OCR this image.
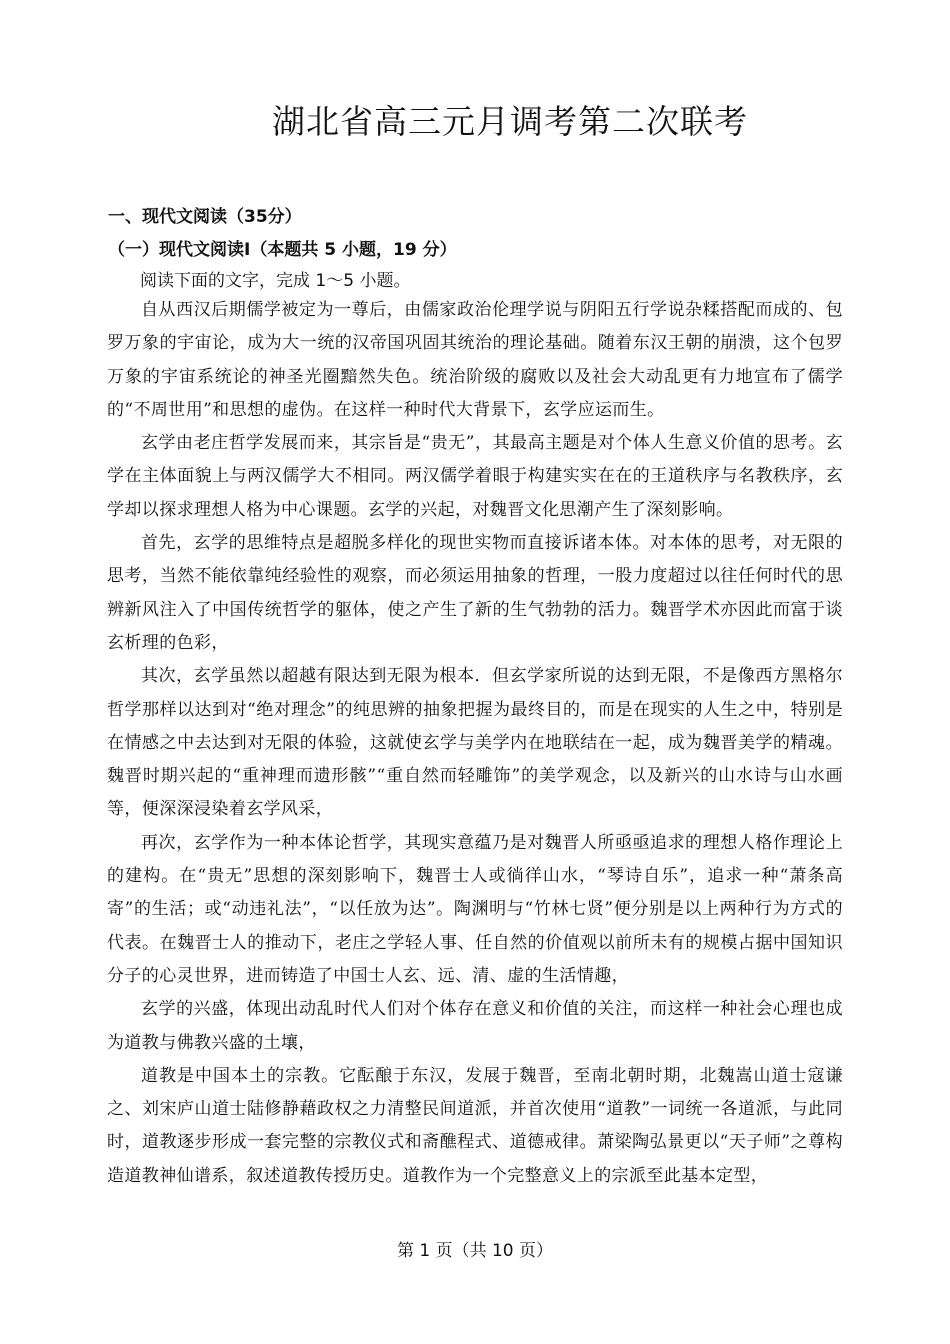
湖北省高三元月调考第二次联考
一、现代文阅读（35分）
（一）现代文阅读Ⅰ（本题共 5 小题，19 分）
阅读下面的文字，完成 1～5 小题。

自从西汉后期儒学被定为一尊后，由儒家政治伦理学说与阴阳五行学说杂糅搭配而成的、包罗万象的宇宙论，成为大一统的汉帝国巩固其统治的理论基础。随着东汉王朝的崩溃，这个包罗万象的宇宙系统论的神圣光圈黯然失色。统治阶级的腐败以及社会大动乱更有力地宣布了儒学的“不周世用”和思想的虚伪。在这样一种时代大背景下，玄学应运而生。

玄学由老庄哲学发展而来，其宗旨是“贵无”，其最高主题是对个体人生意义价值的思考。玄学在主体面貌上与两汉儒学大不相同。两汉儒学着眼于构建实实在在的王道秩序与名教秩序，玄学却以探求理想人格为中心课题。玄学的兴起，对魏晋文化思潮产生了深刻影响。

首先，玄学的思维特点是超脱多样化的现世实物而直接诉诸本体。对本体的思考，对无限的思考，当然不能依靠纯经验性的观察，而必须运用抽象的哲理，一股力度超过以往任何时代的思辨新风注入了中国传统哲学的躯体，使之产生了新的生气勃勃的活力。魏晋学术亦因此而富于谈玄析理的色彩，

其次，玄学虽然以超越有限达到无限为根本．但玄学家所说的达到无限，不是像西方黑格尔哲学那样以达到对“绝对理念”的纯思辨的抽象把握为最终目的，而是在现实的人生之中，特别是在情感之中去达到对无限的体验，这就使玄学与美学内在地联结在一起，成为魏晋美学的精魂。魏晋时期兴起的“重神理而遗形骸”“重自然而轻雕饰”的美学观念，以及新兴的山水诗与山水画等，便深深浸染着玄学风采，

再次，玄学作为一种本体论哲学，其现实意蕴乃是对魏晋人所亟亟追求的理想人格作理论上的建构。在“贵无”思想的深刻影响下，魏晋士人或徜徉山水，“琴诗自乐”，追求一种“萧条高寄”的生活；或“动违礼法”，“以任放为达”。陶渊明与“竹林七贤”便分别是以上两种行为方式的代表。在魏晋士人的推动下，老庄之学轻人事、任自然的价值观以前所未有的规模占据中国知识分子的心灵世界，进而铸造了中国士人玄、远、清、虚的生活情趣，

玄学的兴盛，体现出动乱时代人们对个体存在意义和价值的关注，而这样一种社会心理也成为道教与佛教兴盛的土壤，

道教是中国本土的宗教。它酝酿于东汉，发展于魏晋，至南北朝时期，北魏嵩山道士寇谦之、刘宋庐山道士陆修静藉政权之力清整民间道派，并首次使用“道教”一词统一各道派，与此同时，道教逐步形成一套完整的宗教仪式和斋醮程式、道德戒律。萧梁陶弘景更以“天子师”之尊构造道教神仙谱系，叙述道教传授历史。道教作为一个完整意义上的宗派至此基本定型，

第 1 页（共 10 页）
